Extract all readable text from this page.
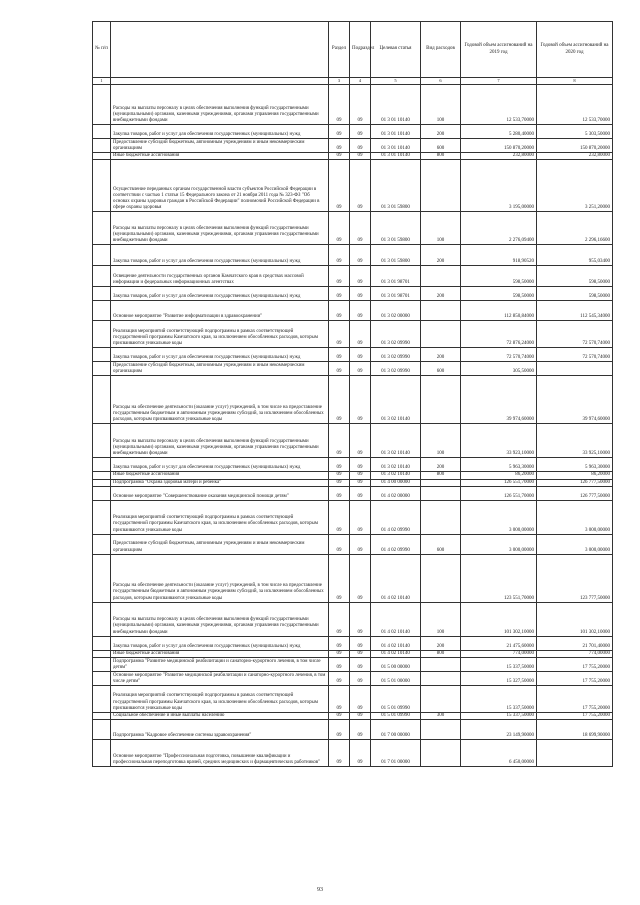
№ п/п		Раздел	Подраздел	Целевая статья	Вид расходов	Годовой объем ассигнований на 2019 год	Годовой объем ассигнований на 2020 год
1		3	4	5	6	7	8
	Расходы на выплаты персоналу в целях обеспечения выполнения функций государственными (муниципальными) органами, казенными учреждениями, органами управления государственными внебюджетными фондами	09	09	01 3 01 10140	100	12 533,70000	12 533,70000
	Закупка товаров, работ и услуг для обеспечения государственных (муниципальных) нужд	09	09	01 3 01 10140	200	5 280,40000	5 303,50000
	Предоставление субсидий бюджетным, автономным учреждениям и иным некоммерческим организациям	09	09	01 3 01 10140	600	150 870,20000	150 870,20000
	Иные бюджетные ассигнования	09	09	01 3 01 10140	800	232,80000	232,80000
	Осуществление переданных органам государственной власти субъектов Российской Федерации в соответствии с частью 1 статьи 15 Федерального закона от 21 ноября 2011 года № 323-ФЗ "Об основах охраны здоровья граждан в Российской Федерации" полномочий Российской Федерации в сфере охраны здоровья	09	09	01 3 01 59800		3 195,00000	3 251,20000
	Расходы на выплаты персоналу в целях обеспечения выполнения функций государственными (муниципальными) органами, казенными учреждениями, органами управления государственными внебюджетными фондами	09	09	01 3 01 59800	100	2 276,09400	2 296,16600
	Закупка товаров, работ и услуг для обеспечения государственных (муниципальных) нужд	09	09	01 3 01 59800	200	918,90520	955,03400
	Освещение деятельности государственных органов Камчатского края в средствах массовой информации и федеральных информационных агентствах	09	09	01 3 01 98701		598,50000	598,50000
	Закупка товаров, работ и услуг для обеспечения государственных (муниципальных) нужд	09	09	01 3 01 98701	200	598,50000	598,50000
	Основное мероприятие "Развитие информатизации в здравоохранении"	09	09	01 3 02 00000		112 850,84000	112 545,34000
	Реализация мероприятий соответствующей подпрограммы в рамках соответствующей государственной программы Камчатского края, за исключением обособленных расходов, которым присваиваются уникальные коды	09	09	01 3 02 09990		72 876,24000	72 570,74000
	Закупка товаров, работ и услуг для обеспечения государственных (муниципальных) нужд	09	09	01 3 02 09990	200	72 570,74000	72 570,74000
	Предоставление субсидий бюджетным, автономным учреждениям и иным некоммерческим организациям	09	09	01 3 02 09990	600	305,50000	
	Расходы на обеспечение деятельности (оказание услуг) учреждений, в том числе на предоставление государственным бюджетным и автономным учреждениям субсидий, за исключением обособленных расходов, которым присваиваются уникальные коды	09	09	01 3 02 10140		39 974,60000	39 974,60000
	Расходы на выплаты персоналу в целях обеспечения выполнения функций государственными (муниципальными) органами, казенными учреждениями, органами управления государственными внебюджетными фондами	09	09	01 3 02 10140	100	33 923,10000	33 925,10000
	Закупка товаров, работ и услуг для обеспечения государственных (муниципальных) нужд	09	09	01 3 02 10140	200	5 963,30000	5 963,30000
	Иные бюджетные ассигнования	09	09	01 3 02 10140	800	86,20000	86,20000
	Подпрограмма "Охрана здоровья матери и ребенка"	09	09	01 4 00 00000		126 551,70000	126 777,50000
	Основное мероприятие "Совершенствование оказания медицинской помощи детям"	09	09	01 4 02 00000		126 551,70000	126 777,50000
	Реализация мероприятий соответствующей подпрограммы в рамках соответствующей государственной программы Камчатского края, за исключением обособленных расходов, которым присваиваются уникальные коды	09	09	01 4 02 09990		3 000,00000	3 000,00000
	Предоставление субсидий бюджетным, автономным учреждениям и иным некоммерческим организациям	09	09	01 4 02 09990	600	3 000,00000	3 000,00000
	Расходы на обеспечение деятельности (оказание услуг) учреждений, в том числе на предоставление государственным бюджетным и автономным учреждениям субсидий, за исключением обособленных расходов, которым присваиваются уникальные коды	09	09	01 4 02 10140		123 551,70000	123 777,50000
	Расходы на выплаты персоналу в целях обеспечения выполнения функций государственными (муниципальными) органами, казенными учреждениями, органами управления государственными внебюджетными фондами	09	09	01 4 02 10140	100	101 302,10000	101 302,10000
	Закупка товаров, работ и услуг для обеспечения государственных (муниципальных) нужд	09	09	01 4 02 10140	200	21 475,60000	21 701,40000
	Иные бюджетные ассигнования	09	09	01 4 02 10140	800	774,00000	774,00000
	Подпрограмма "Развитие медицинской реабилитации и санаторно-курортного лечения, в том числе детям"	09	09	01 5 00 00000		15 337,50000	17 755,20000
	Основное мероприятие "Развитие медицинской реабилитации и санаторно-курортного лечения, в том числе детям"	09	09	01 5 01 00000		15 327,50000	17 755,20000
	Реализация мероприятий соответствующей подпрограммы в рамках соответствующей государственной программы Камчатского края, за исключением обособленных расходов, которым присваиваются уникальные коды	09	09	01 5 01 09990		15 337,50000	17 755,20000
	Социальное обеспечение и иные выплаты населению	09	09	01 5 01 09990	300	15 337,50000	17 755,20000
	Подпрограмма "Кадровое обеспечение системы здравоохранения"	09	09	01 7 00 00000		23 149,90000	18 699,90000
	Основное мероприятие "Профессиональная подготовка, повышение квалификации и профессиональная переподготовка врачей, средних медицинских и фармацевтических работников"	09	09	01 7 01 00000		6 450,00000	
93
